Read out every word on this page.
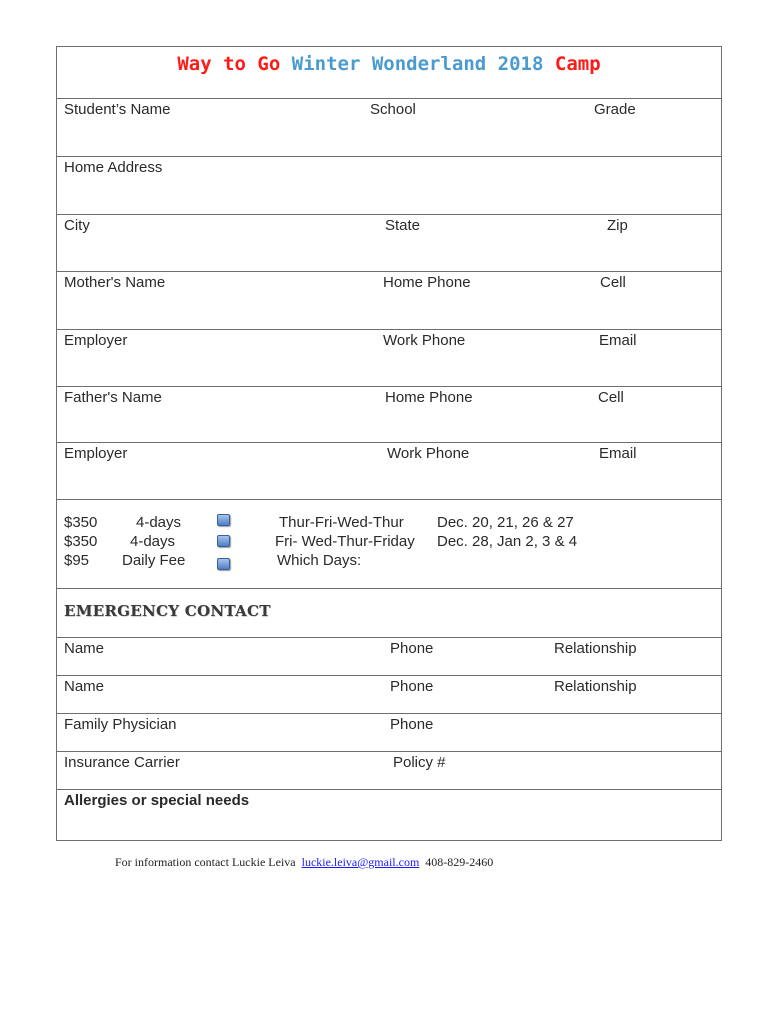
Way to Go Winter Wonderland 2018 Camp
Student’s Name	School	Grade
Home Address
City	State	Zip
Mother's Name	Home Phone	Cell
Employer	Work Phone	Email
Father's Name	Home Phone	Cell
Employer	Work Phone	Email
$350	4-days	Thur-Fri-Wed-Thur Dec. 20, 21, 26 & 27
$350 4-days	Fri- Wed-Thur-Friday Dec. 28, Jan 2, 3 & 4
$95 Daily Fee	Which Days:
EMERGENCY CONTACT
Name	Phone	Relationship
Name	Phone	Relationship
Family Physician	Phone
Insurance Carrier	Policy #
Allergies or special needs
For information contact Luckie Leiva luckie.leiva@gmail.com 408-829-2460
